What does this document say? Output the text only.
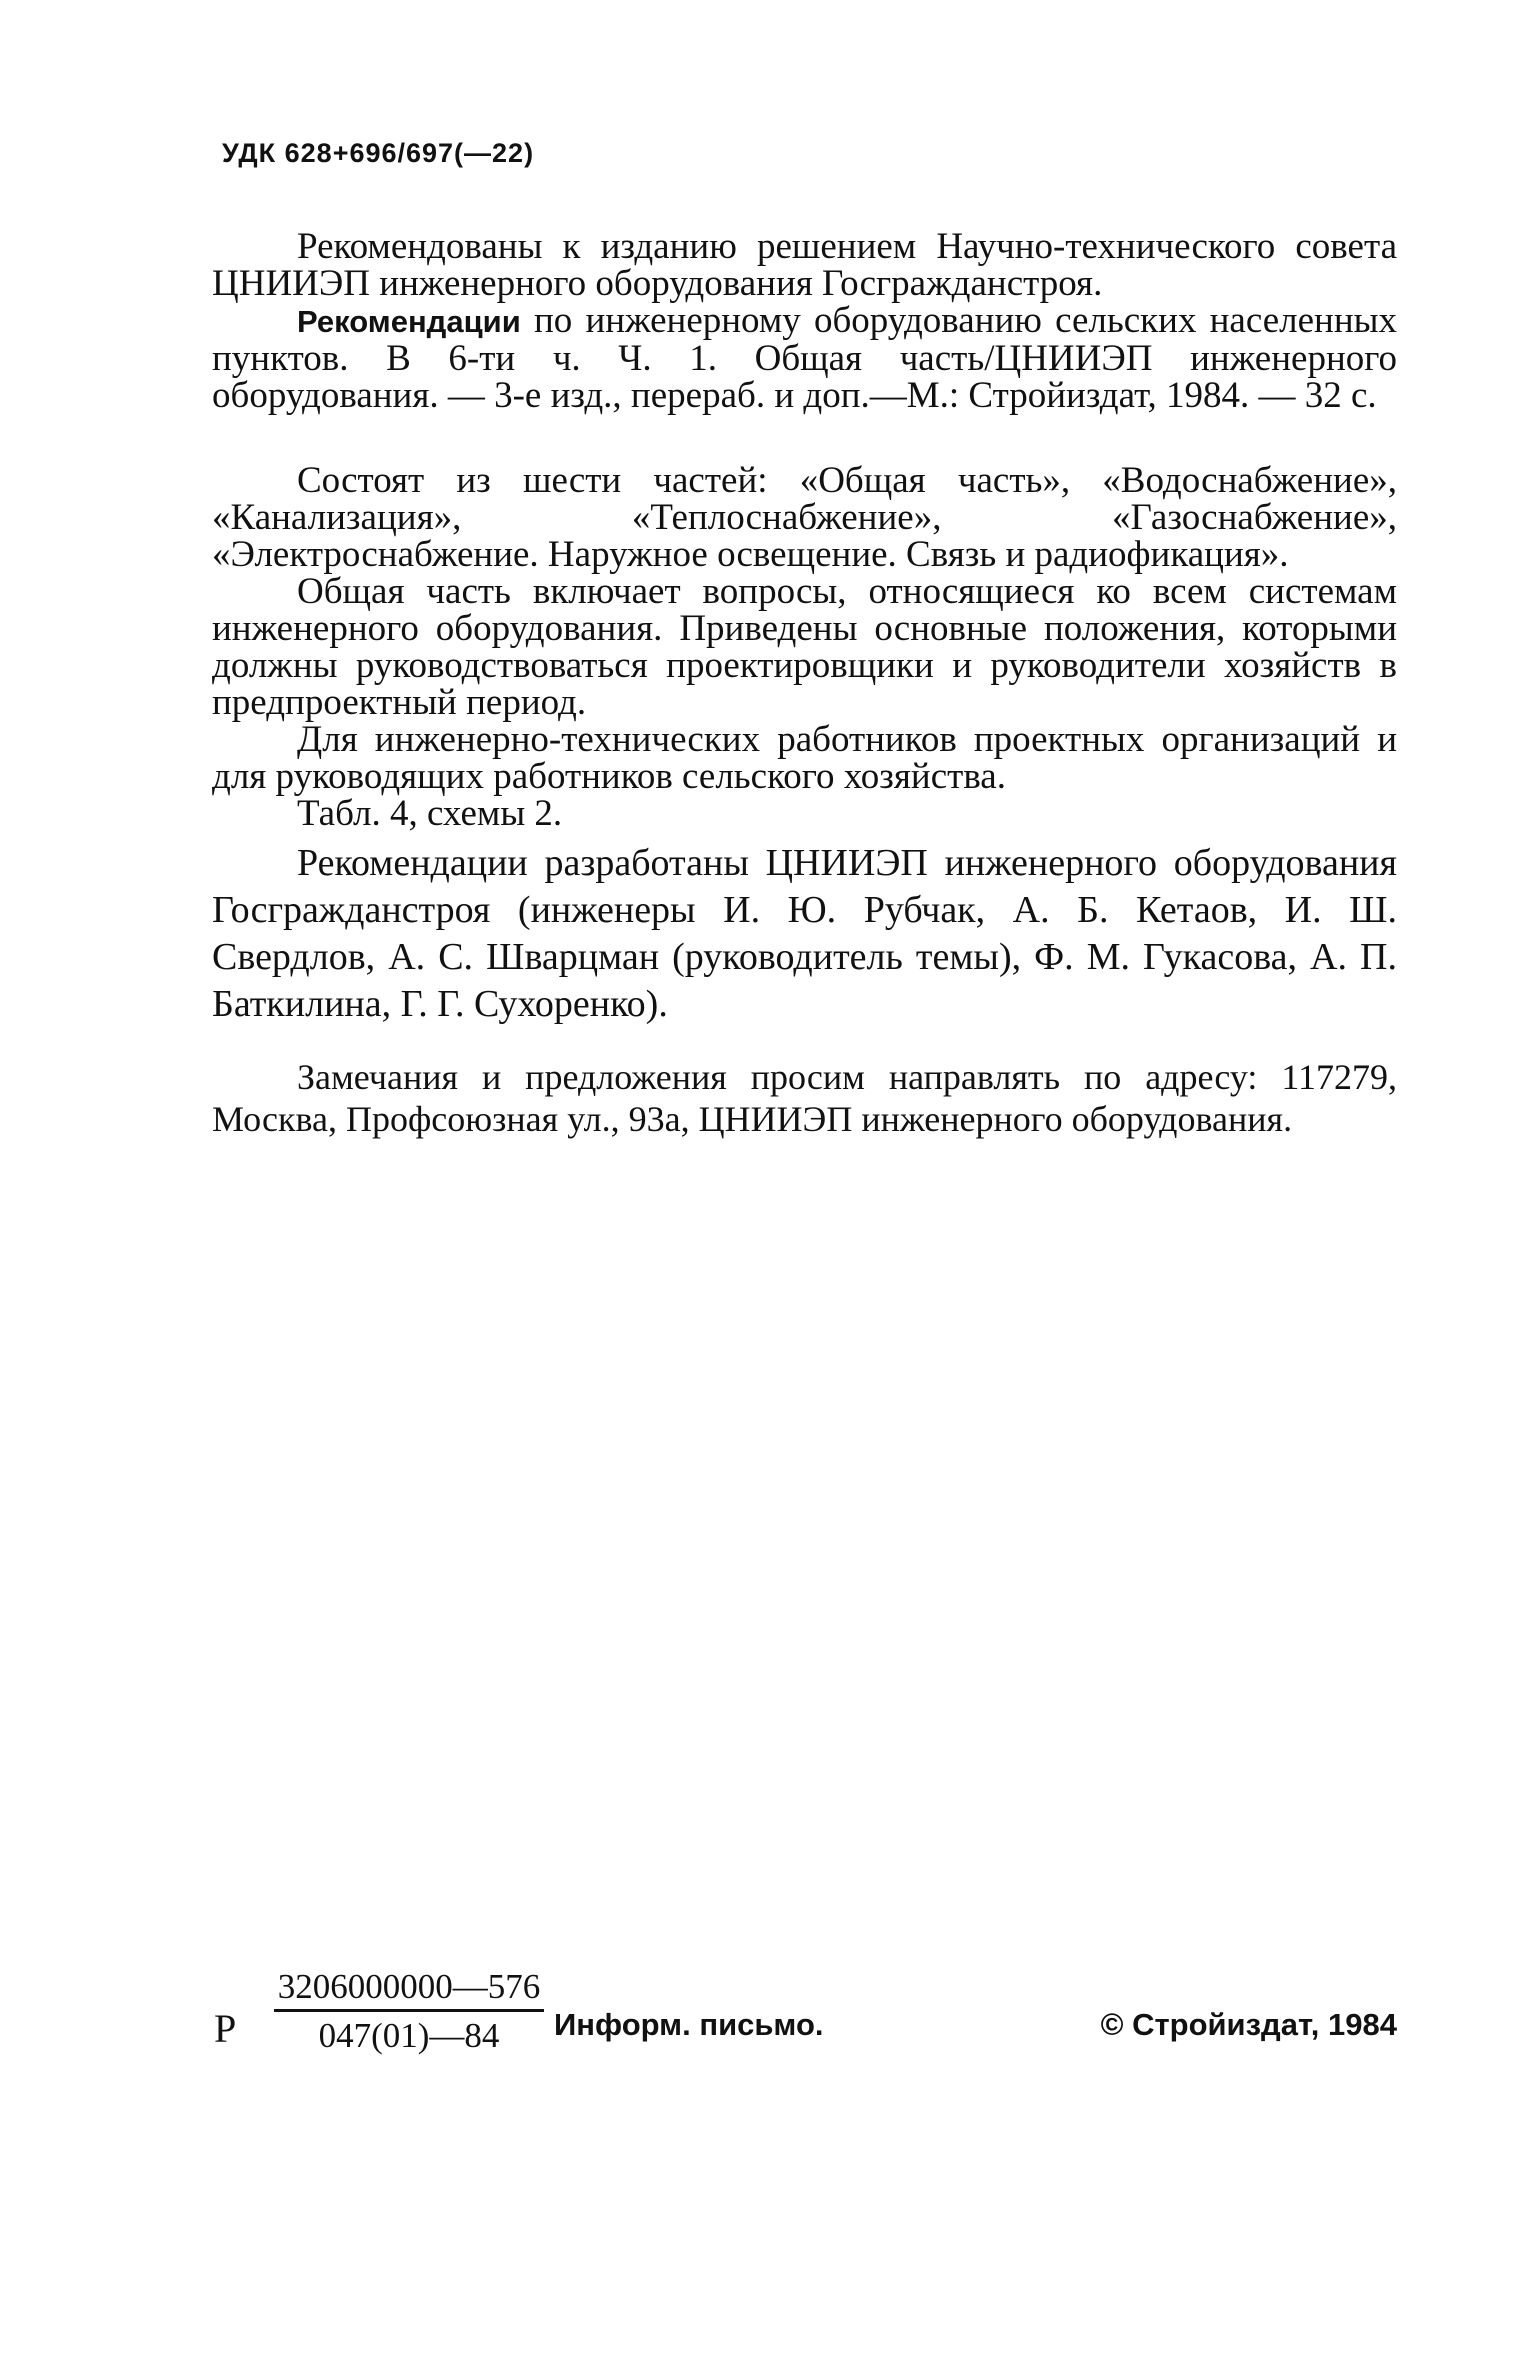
УДК 628+696/697(—22)

Рекомендованы к изданию решением Научно-технического совета ЦНИИЭП инженерного оборудования Госгражданстроя.

Рекомендации по инженерному оборудованию сельских населенных пунктов. В 6-ти ч. Ч. 1. Общая часть/ЦНИИЭП инженерного оборудования. — 3-е изд., перераб. и доп.—М.: Стройиздат, 1984. — 32 с.

Состоят из шести частей: «Общая часть», «Водоснабжение», «Канализация», «Теплоснабжение», «Газоснабжение», «Электроснабжение. Наружное освещение. Связь и радиофикация».

Общая часть включает вопросы, относящиеся ко всем системам инженерного оборудования. Приведены основные положения, которыми должны руководствоваться проектировщики и руководители хозяйств в предпроектный период.

Для инженерно-технических работников проектных организаций и для руководящих работников сельского хозяйства.

Табл. 4, схемы 2.

Рекомендации разработаны ЦНИИЭП инженерного оборудования Госгражданстроя (инженеры И. Ю. Рубчак, А. Б. Кетаов, И. Ш. Свердлов, А. С. Шварцман (руководитель темы), Ф. М. Гукасова, А. П. Баткилина, Г. Г. Сухоренко).

Замечания и предложения просим направлять по адресу: 117279, Москва, Профсоюзная ул., 93а, ЦНИИЭП инженерного оборудования.

Р
3206000000—576
047(01)—84	Информ. письмо.	© Стройиздат, 1984
